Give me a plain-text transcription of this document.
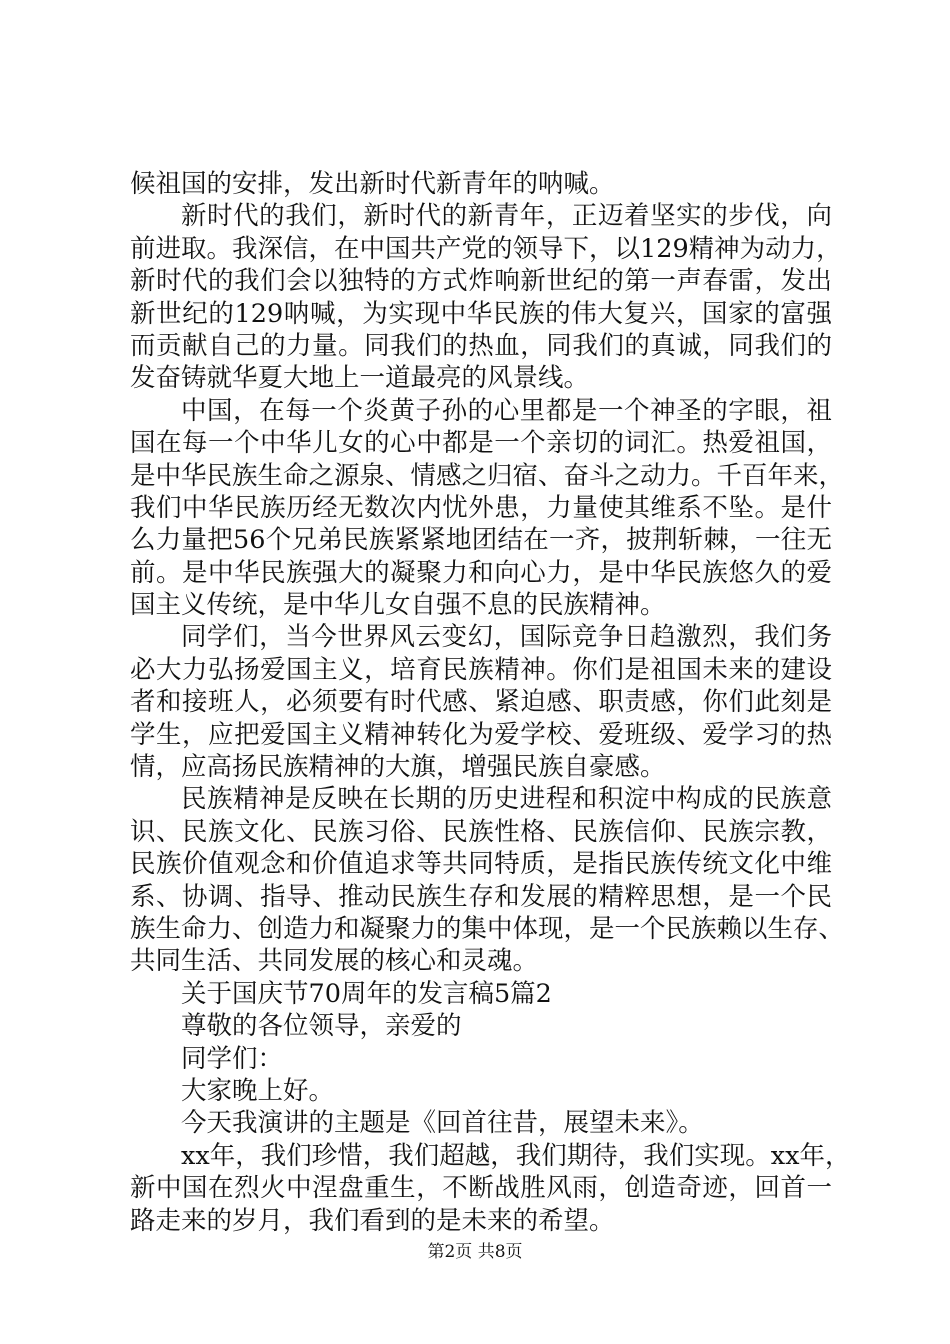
候祖国的安排，发出新时代新青年的呐喊。
新时代的我们，新时代的新青年，正迈着坚实的步伐，向
前进取。我深信，在中国共产党的领导下，以129精神为动力，
新时代的我们会以独特的方式炸响新世纪的第一声春雷，发出
新世纪的129呐喊，为实现中华民族的伟大复兴，国家的富强
而贡献自己的力量。同我们的热血，同我们的真诚，同我们的
发奋铸就华夏大地上一道最亮的风景线。
中国，在每一个炎黄子孙的心里都是一个神圣的字眼，祖
国在每一个中华儿女的心中都是一个亲切的词汇。热爱祖国，
是中华民族生命之源泉、情感之归宿、奋斗之动力。千百年来，
我们中华民族历经无数次内忧外患，力量使其维系不坠。是什
么力量把56个兄弟民族紧紧地团结在一齐，披荆斩棘，一往无
前。是中华民族强大的凝聚力和向心力，是中华民族悠久的爱
国主义传统，是中华儿女自强不息的民族精神。
同学们，当今世界风云变幻，国际竞争日趋激烈，我们务
必大力弘扬爱国主义，培育民族精神。你们是祖国未来的建设
者和接班人，必须要有时代感、紧迫感、职责感，你们此刻是
学生，应把爱国主义精神转化为爱学校、爱班级、爱学习的热
情，应高扬民族精神的大旗，增强民族自豪感。
民族精神是反映在长期的历史进程和积淀中构成的民族意
识、民族文化、民族习俗、民族性格、民族信仰、民族宗教，
民族价值观念和价值追求等共同特质，是指民族传统文化中维
系、协调、指导、推动民族生存和发展的精粹思想，是一个民
族生命力、创造力和凝聚力的集中体现，是一个民族赖以生存、
共同生活、共同发展的核心和灵魂。
关于国庆节70周年的发言稿5篇2
尊敬的各位领导，亲爱的
同学们：
大家晚上好。
今天我演讲的主题是《回首往昔，展望未来》。
xx年，我们珍惜，我们超越，我们期待，我们实现。xx年，
新中国在烈火中涅盘重生，不断战胜风雨，创造奇迹，回首一
路走来的岁月，我们看到的是未来的希望。
第2页 共8页
